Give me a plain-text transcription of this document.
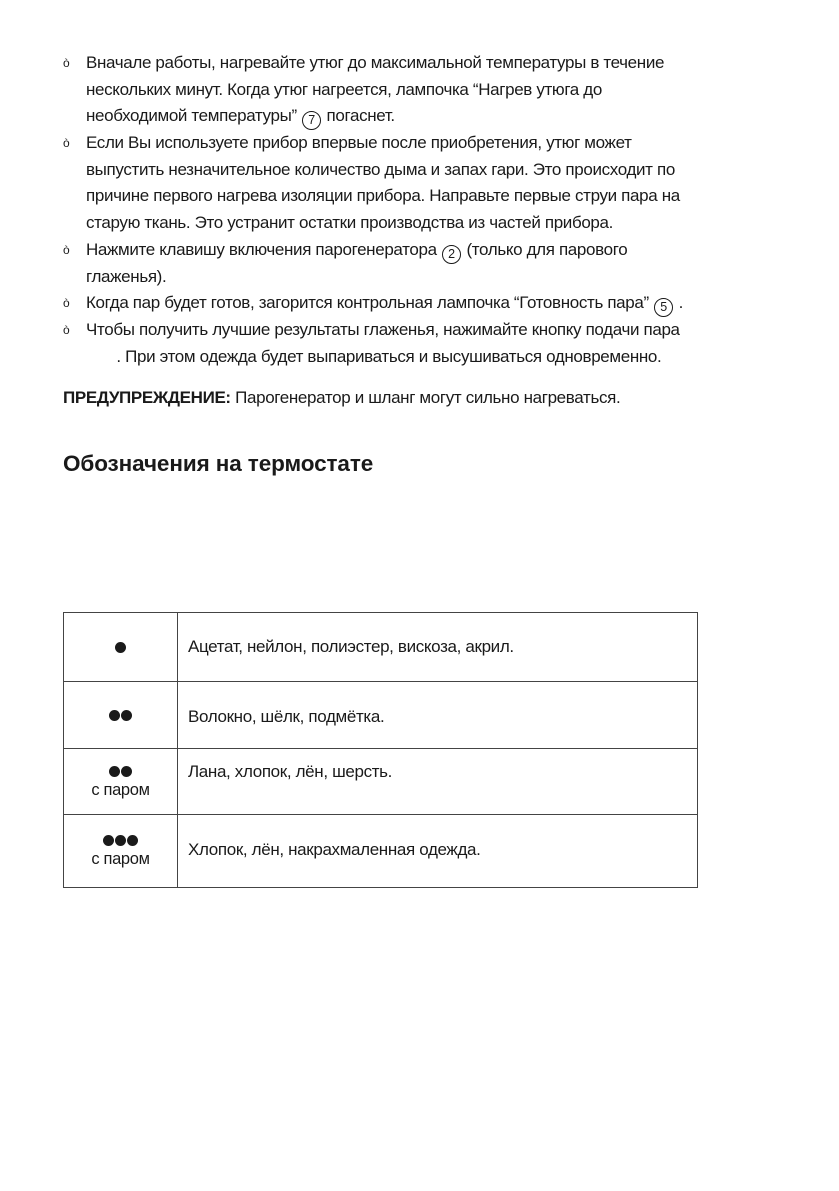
ò Вначале работы, нагревайте утюг до максимальной температуры в течение нескольких минут. Когда утюг нагреется, лампочка “Нагрев утюга до необходимой температуры” 7 погаснет.
ò Если Вы используете прибор впервые после приобретения, утюг может выпустить незначительное количество дыма и запах гари. Это происходит по причине первого нагрева изоляции прибора. Направьте первые струи пара на старую ткань. Это устранит остатки производства из частей прибора.
ò Нажмите клавишу включения парогенератора 2 (только для парового глаженья).
ò Когда пар будет готов, загорится контрольная лампочка “Готовность пара” 5 .
ò Чтобы получить лучшие результаты глаженья, нажимайте кнопку подачи пара  . При этом одежда будет выпариваться и высушиваться одновременно.

ПРЕДУПРЕЖДЕНИЕ: Парогенератор и шланг могут сильно нагреваться.

Обозначения на термостате
	Ацетат, нейлон, полиэстер, вискоза, акрил.

	Волокно, шёлк, подмётка.

с паром	Лана, хлопок, лён, шерсть.

с паром	Хлопок, лён, накрахмаленная одежда.
